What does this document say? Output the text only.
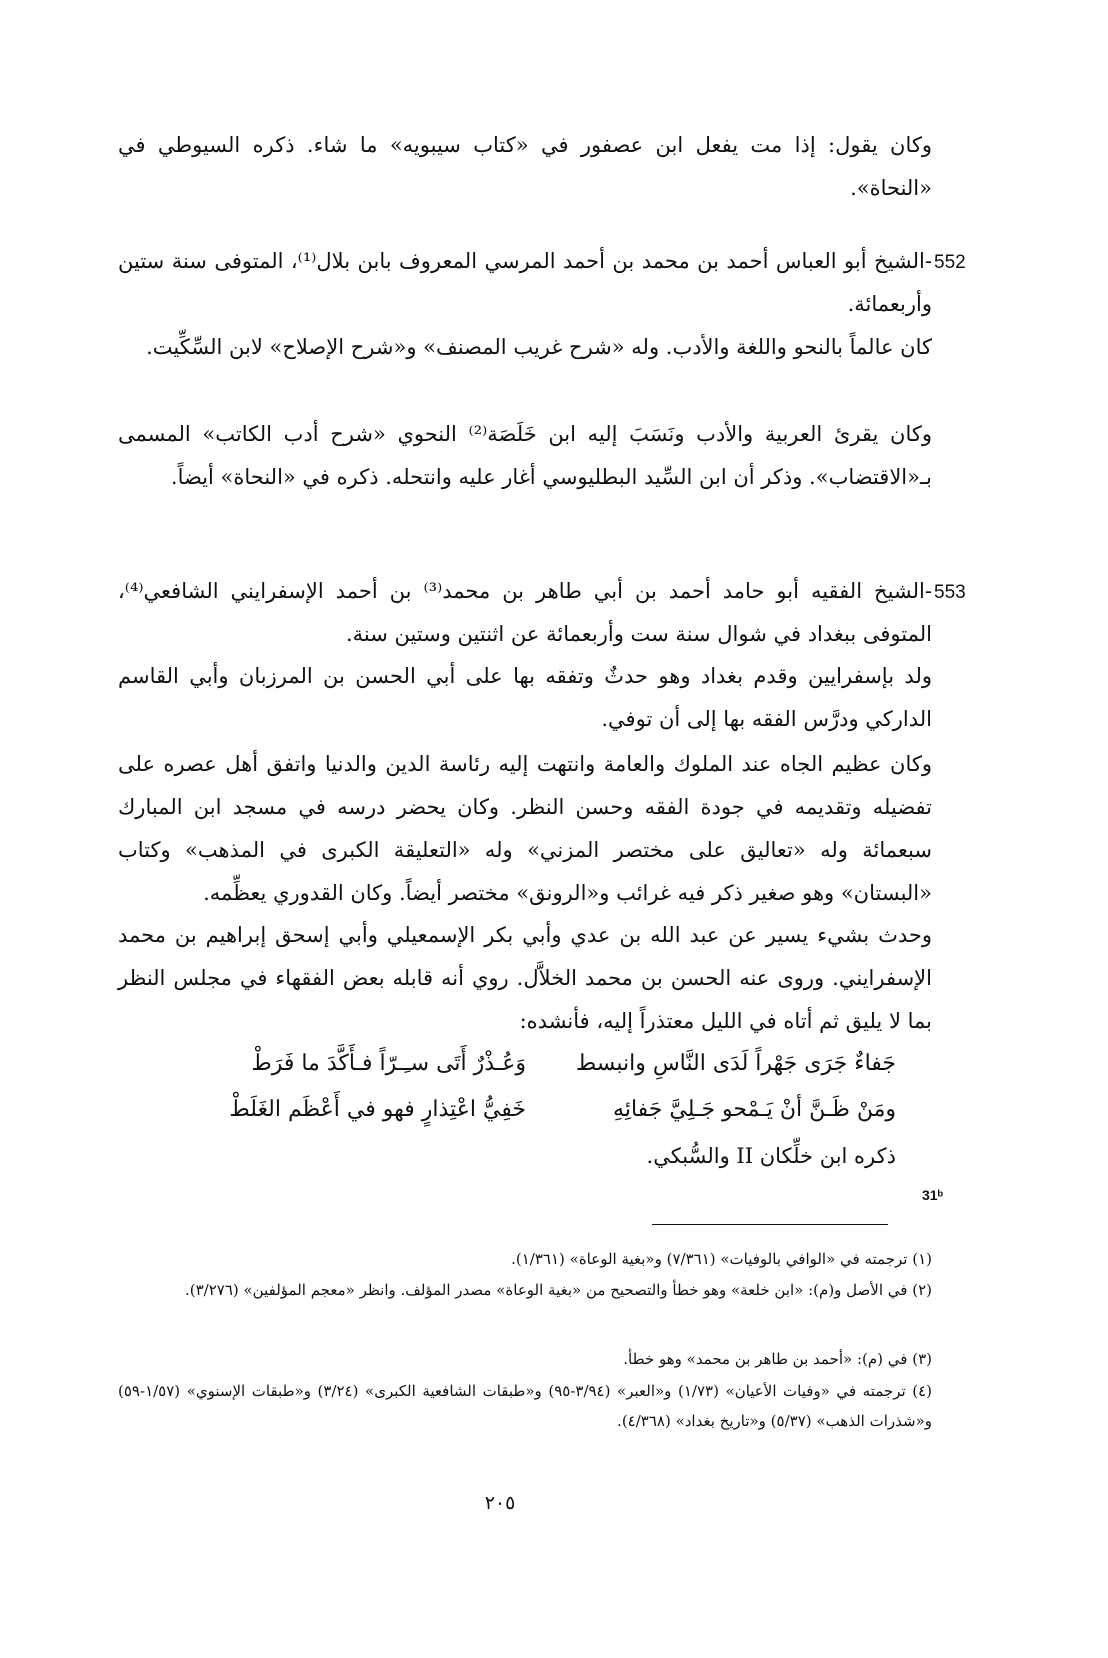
وكان يقول: إذا مت يفعل ابن عصفور في «كتاب سيبويه» ما شاء. ذكره السيوطي في «النحاة».

552

-الشيخ أبو العباس أحمد بن محمد بن أحمد المرسي المعروف بابن بلال⁽¹⁾، المتوفى سنة ستين وأربعمائة.

كان عالماً بالنحو واللغة والأدب. وله «شرح غريب المصنف» و«شرح الإصلاح» لابن السِّكِّيت.

وكان يقرئ العربية والأدب ونَسَبَ إليه ابن خَلَصَة⁽²⁾ النحوي «شرح أدب الكاتب» المسمى بـ«الاقتضاب». وذكر أن ابن السِّيد البطليوسي أغار عليه وانتحله. ذكره في «النحاة» أيضاً.

553

-الشيخ الفقيه أبو حامد أحمد بن أبي طاهر بن محمد⁽³⁾ بن أحمد الإسفرايني الشافعي⁽⁴⁾، المتوفى ببغداد في شوال سنة ست وأربعمائة عن اثنتين وستين سنة.

ولد بإسفرايين وقدم بغداد وهو حدثٌ وتفقه بها على أبي الحسن بن المرزبان وأبي القاسم الداركي ودرَّس الفقه بها إلى أن توفي.

وكان عظيم الجاه عند الملوك والعامة وانتهت إليه رئاسة الدين والدنيا واتفق أهل عصره على تفضيله وتقديمه في جودة الفقه وحسن النظر. وكان يحضر درسه في مسجد ابن المبارك سبعمائة وله «تعاليق على مختصر المزني» وله «التعليقة الكبرى في المذهب» وكتاب «البستان» وهو صغير ذكر فيه غرائب و«الرونق» مختصر أيضاً. وكان القدوري يعظِّمه.

وحدث بشيء يسير عن عبد الله بن عدي وأبي بكر الإسمعيلي وأبي إسحق إبراهيم بن محمد الإسفرايني. وروى عنه الحسن بن محمد الخلاَّل. روي أنه قابله بعض الفقهاء في مجلس النظر بما لا يليق ثم أتاه في الليل معتذراً إليه، فأنشده:

جَفاءٌ جَرَى جَهْراً لَدَى النَّاسِ وانبسط
وَعُـذْرٌ أَتَى سـِـرّاً فـأَكَّدَ ما فَرَطْ
ومَنْ ظَـنَّ أنْ يَـمْحو جَـلِيَّ جَفائِهِ
خَفِيُّ اعْتِذارٍ فهو في أَعْظَم الغَلَطْ
ذكره ابن خلِّكان II والسُّبكي.
31ᵇ

(١) ترجمته في «الوافي بالوفيات» (٧/٣٦١) و«بغية الوعاة» (١/٣٦١).

(٢) في الأصل و(م): «ابن خلعة» وهو خطأ والتصحيح من «بغية الوعاة» مصدر المؤلف. وانظر «معجم المؤلفين» (٣/٢٧٦).

(٣) في (م): «أحمد بن طاهر بن محمد» وهو خطأ.

(٤) ترجمته في «وفيات الأعيان» (١/٧٣) و«العبر» (٣/٩٤-٩٥) و«طبقات الشافعية الكبرى» (٣/٢٤) و«طبقات الإسنوي» (١/٥٧-٥٩) و«شذرات الذهب» (٥/٣٧) و«تاريخ بغداد» (٤/٣٦٨).

٢٠٥
